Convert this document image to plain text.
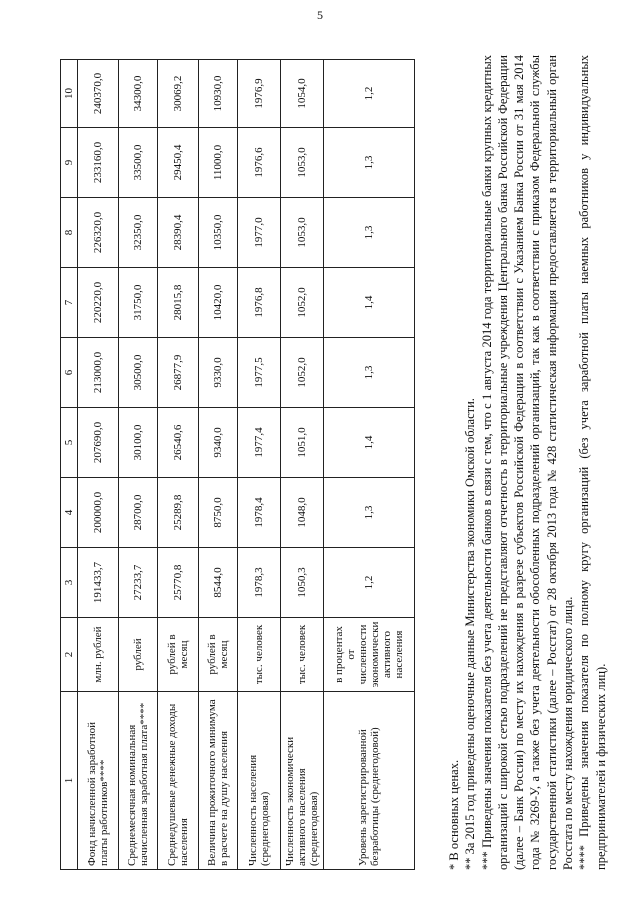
5
1	2	3	4	5	6	7	8	9	10
Фонд начисленной заработной платы работников****	млн. рублей	191433,7	200000,0	207690,0	213000,0	220220,0	226320,0	233160,0	240370,0
Среднемесячная номинальная начисленная заработная плата****	рублей	27233,7	28700,0	30100,0	30500,0	31750,0	32350,0	33500,0	34300,0
Среднедушевые денежные доходы населения	рублей в месяц	25770,8	25289,8	26540,6	26877,9	28015,8	28390,4	29450,4	30069,2
Величина прожиточного минимума в расчете на душу населения	рублей в месяц	8544,0	8750,0	9340,0	9330,0	10420,0	10350,0	11000,0	10930,0
Численность населения (среднегодовая)	тыс. человек	1978,3	1978,4	1977,4	1977,5	1976,8	1977,0	1976,6	1976,9
Численность экономически активного населения (среднегодовая)	тыс. человек	1050,3	1048,0	1051,0	1052,0	1052,0	1053,0	1053,0	1054,0
Уровень зарегистрированной безработицы (среднегодовой)	в процентах от численности экономически активного населения	1,2	1,3	1,4	1,3	1,4	1,3	1,3	1,2

* В основных ценах. ** За 2015 год приведены оценочные данные Министерства экономики Омской области. *** Приведены значения показателя без учета деятельности банков в связи с тем, что с 1 августа 2014 года территориальные банки крупных кредитных организаций с широкой сетью подразделений не представляют отчетность в территориальные учреждения Центрального банка Российской Федерации (далее – Банк России) по месту их нахождения в разрезе субъектов Российской Федерации в соответствии с Указанием Банка России от 31 мая 2014 года № 3269-У, а также без учета деятельности обособленных подразделений организаций, так как в соответствии с приказом Федеральной службы государственной статистики (далее – Росстат) от 28 октября 2013 года № 428 статистическая информация предоставляется в территориальный орган Росстата по месту нахождения юридического лица. **** Приведены значения показателя по полному кругу организаций (без учета заработной платы наемных работников у индивидуальных предпринимателей и физических лиц).
